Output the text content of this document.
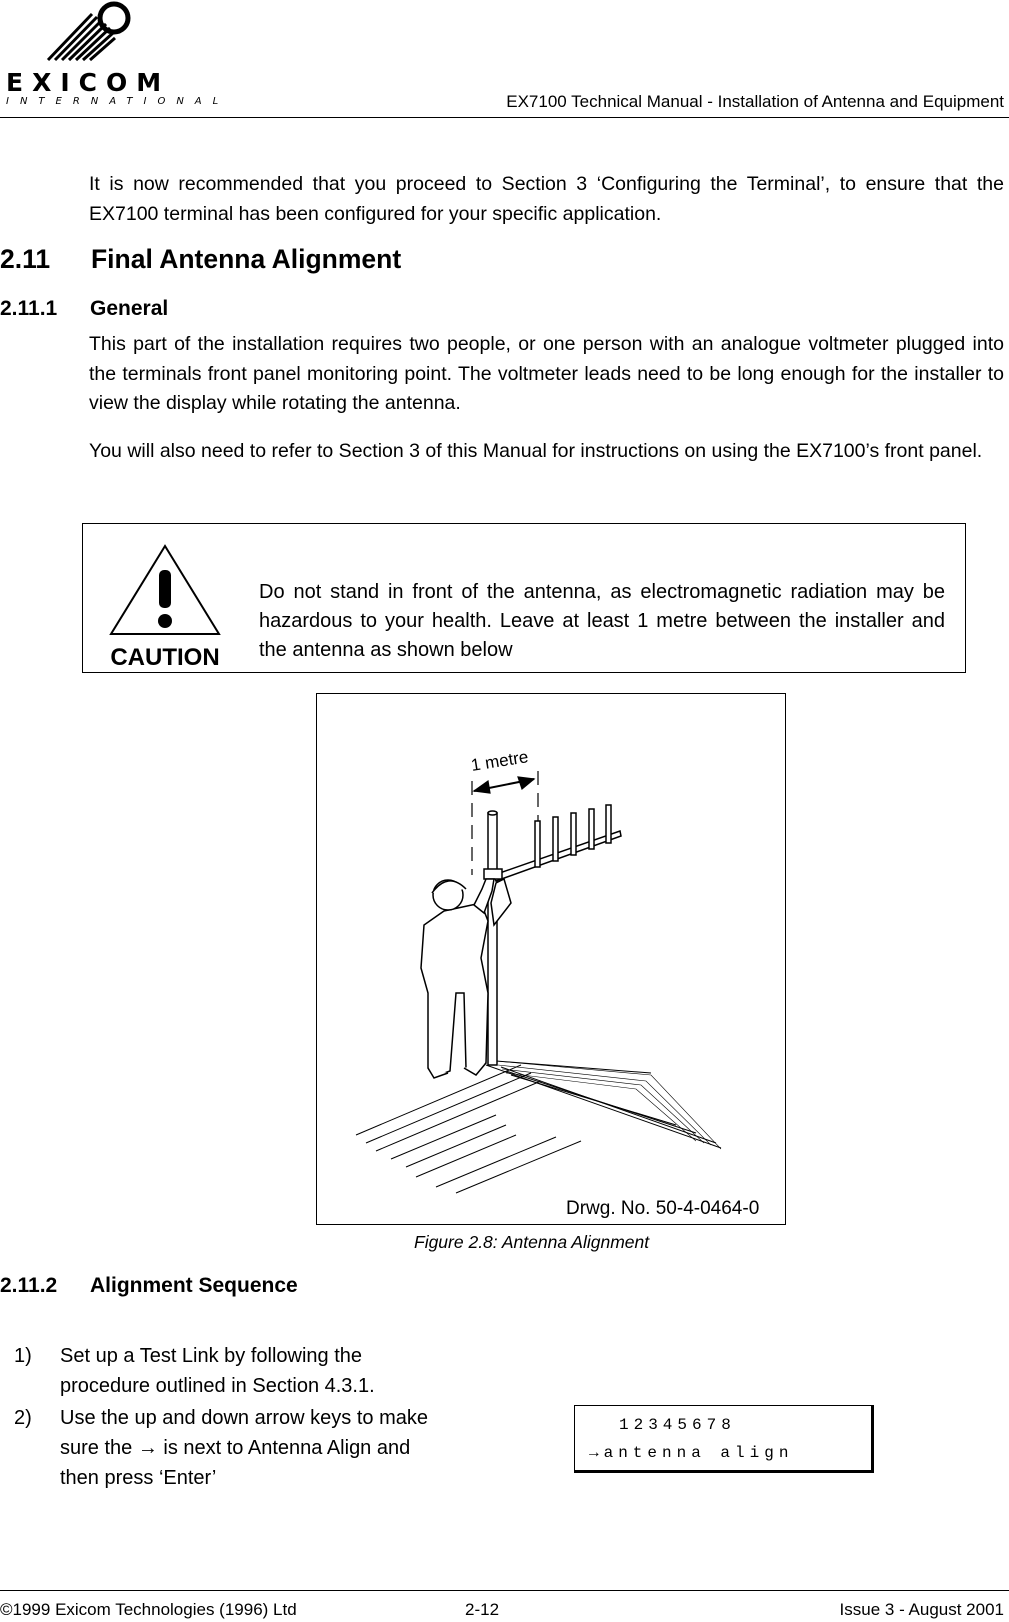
EXICOM
INTERNATIONAL	EX7100 Technical Manual - Installation of Antenna and Equipment
It is now recommended that you proceed to Section 3 ‘Configuring the Terminal’, to ensure that the EX7100 terminal has been configured for your specific application.
2.11 Final Antenna Alignment
2.11.1 General
This part of the installation requires two people, or one person with an analogue voltmeter plugged into the terminals front panel monitoring point. The voltmeter leads need to be long enough for the installer to view the display while rotating the antenna.
You will also need to refer to Section 3 of this Manual for instructions on using the EX7100’s front panel.
CAUTION
Do not stand in front of the antenna, as electromagnetic radiation may be hazardous to your health. Leave at least 1 metre between the installer and the antenna as shown below
1 metre
Drwg. No. 50-4-0464-0
Figure 2.8: Antenna Alignment
2.11.2 Alignment Sequence
1) Set up a Test Link by following the procedure outlined in Section 4.3.1.
2) Use the up and down arrow keys to make sure the → is next to Antenna Align and then press ‘Enter’
12345678
→antenna align
©1999 Exicom Technologies (1996) Ltd	2-12	Issue 3 - August 2001
